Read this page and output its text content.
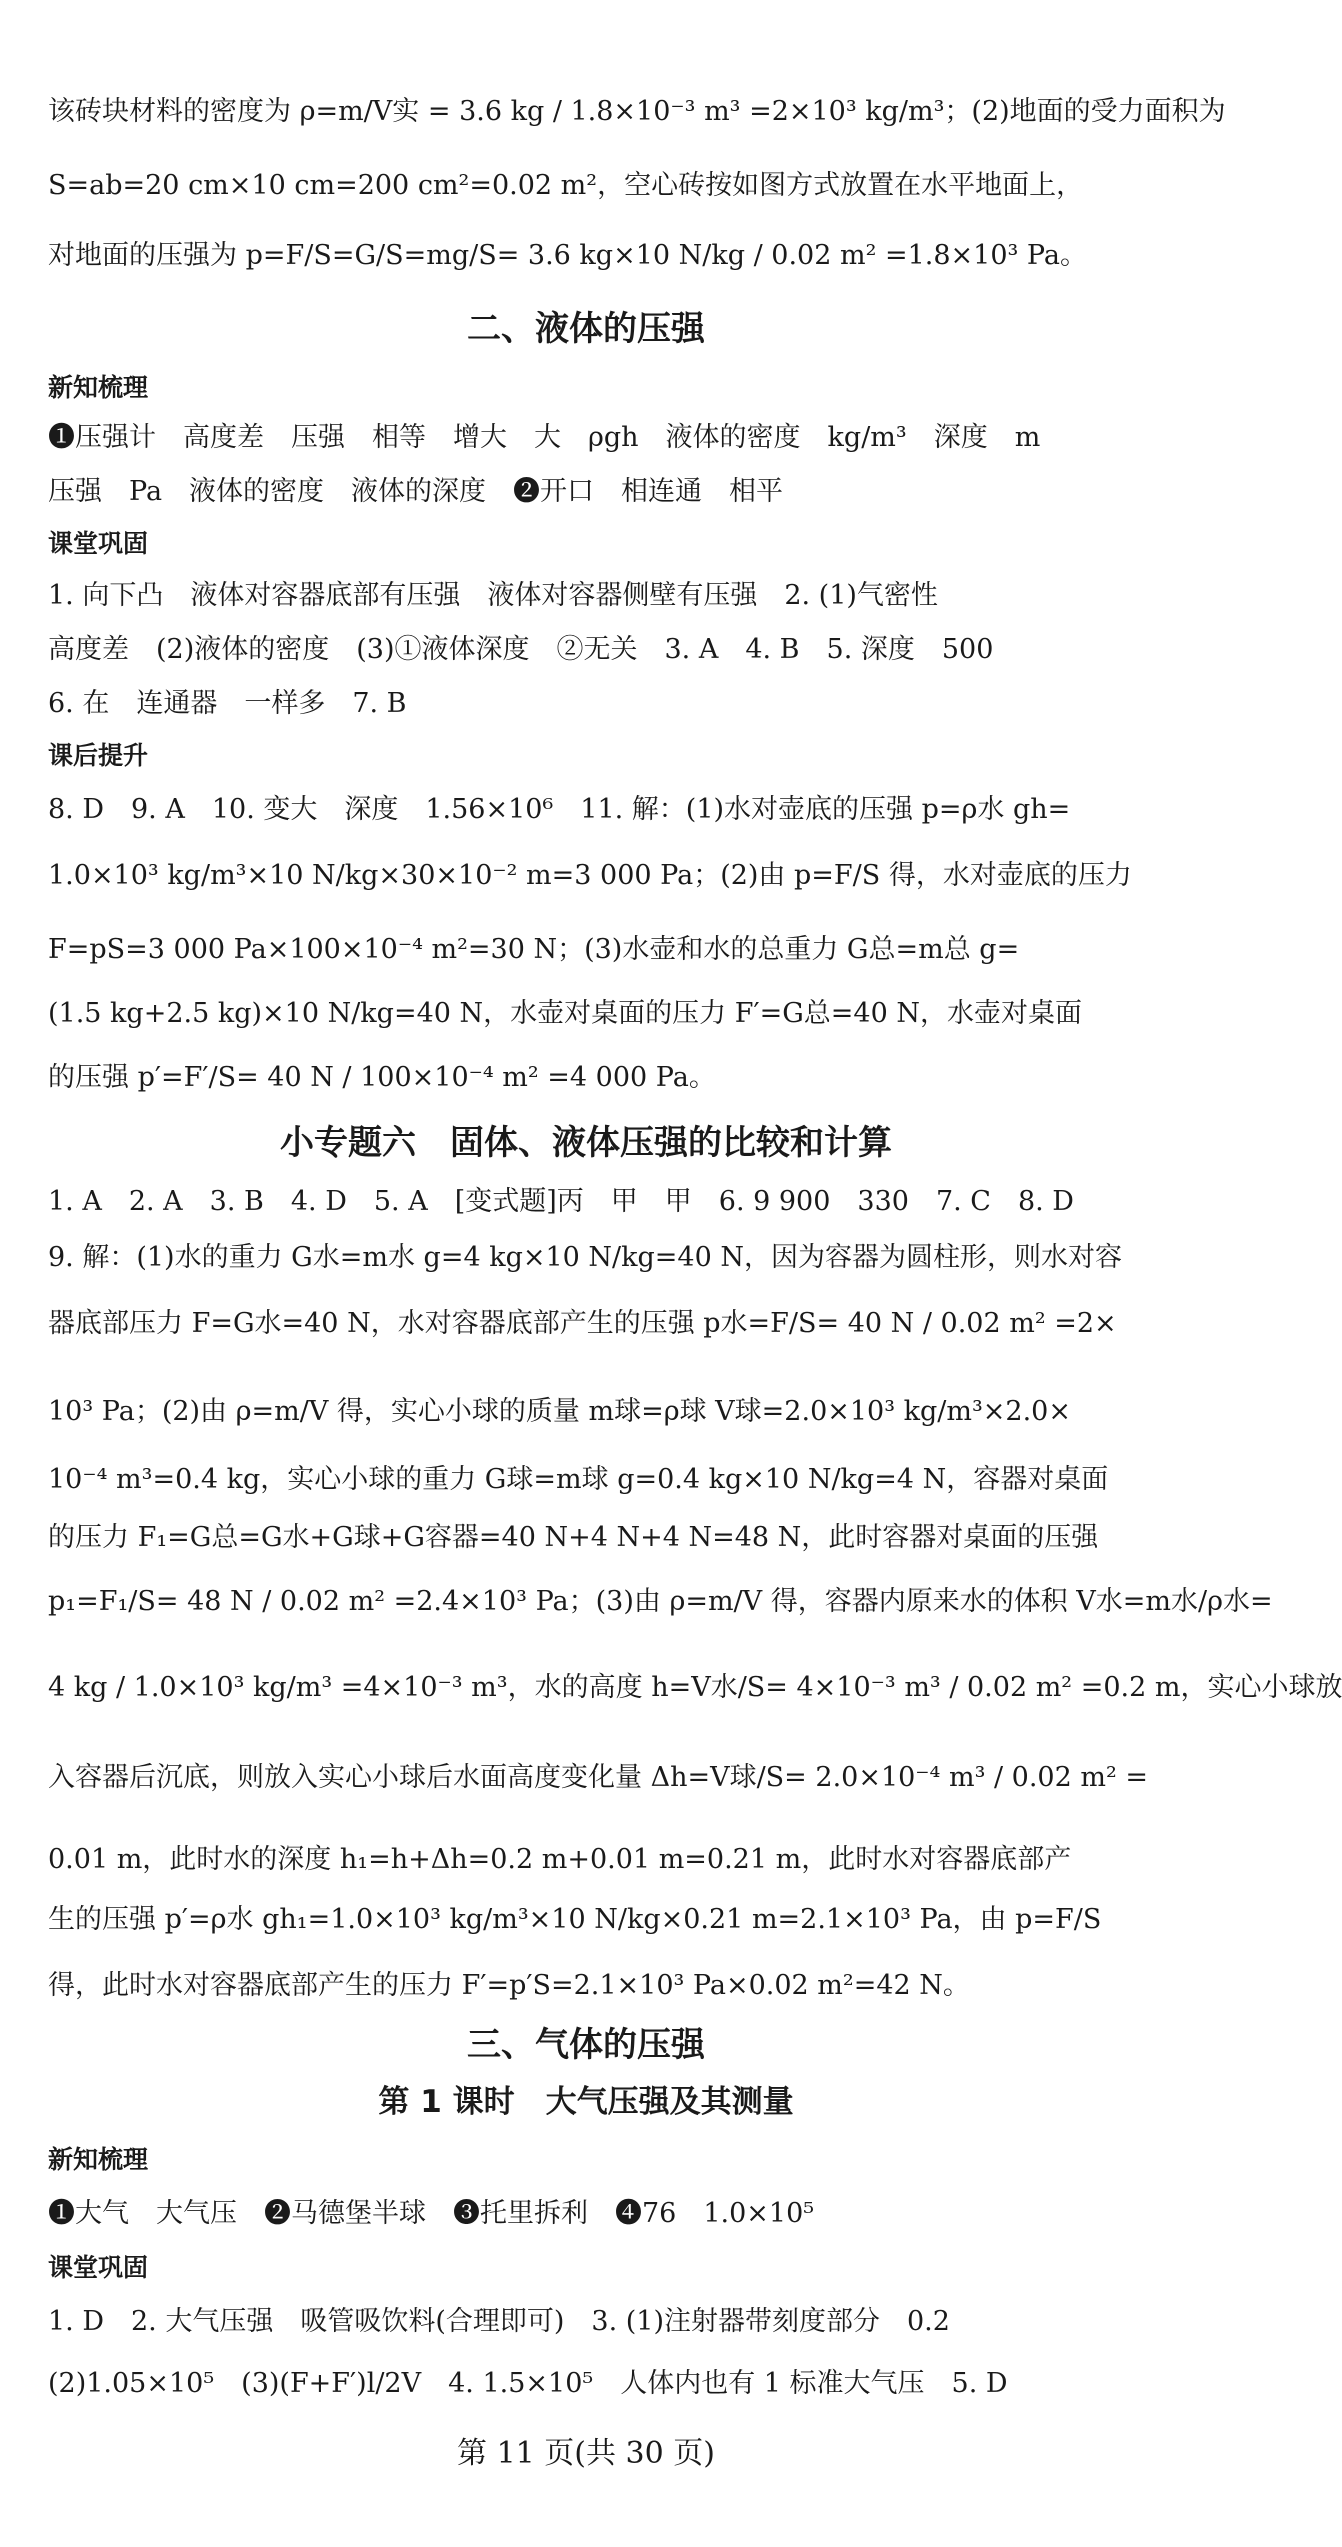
该砖块材料的密度为 ρ=m/V实 = 3.6 kg / 1.8×10⁻³ m³ =2×10³ kg/m³；(2)地面的受力面积为
S=ab=20 cm×10 cm=200 cm²=0.02 m²，空心砖按如图方式放置在水平地面上，
对地面的压强为 p=F/S=G/S=mg/S= 3.6 kg×10 N/kg / 0.02 m² =1.8×10³ Pa。
二、液体的压强
新知梳理
❶压强计　高度差　压强　相等　增大　大　ρgh　液体的密度　kg/m³　深度　m
压强　Pa　液体的密度　液体的深度　❷开口　相连通　相平
课堂巩固
1. 向下凸　液体对容器底部有压强　液体对容器侧壁有压强　2. (1)气密性
高度差　(2)液体的密度　(3)①液体深度　②无关　3. A　4. B　5. 深度　500
6. 在　连通器　一样多　7. B
课后提升
8. D　9. A　10. 变大　深度　1.56×10⁶　11. 解：(1)水对壶底的压强 p=ρ水 gh=
1.0×10³ kg/m³×10 N/kg×30×10⁻² m=3 000 Pa；(2)由 p=F/S 得，水对壶底的压力
F=pS=3 000 Pa×100×10⁻⁴ m²=30 N；(3)水壶和水的总重力 G总=m总 g=
(1.5 kg+2.5 kg)×10 N/kg=40 N，水壶对桌面的压力 F′=G总=40 N，水壶对桌面
的压强 p′=F′/S= 40 N / 100×10⁻⁴ m² =4 000 Pa。
小专题六　固体、液体压强的比较和计算
1. A　2. A　3. B　4. D　5. A　[变式题]丙　甲　甲　6. 9 900　330　7. C　8. D
9. 解：(1)水的重力 G水=m水 g=4 kg×10 N/kg=40 N，因为容器为圆柱形，则水对容
器底部压力 F=G水=40 N，水对容器底部产生的压强 p水=F/S= 40 N / 0.02 m² =2×
10³ Pa；(2)由 ρ=m/V 得，实心小球的质量 m球=ρ球 V球=2.0×10³ kg/m³×2.0×
10⁻⁴ m³=0.4 kg，实心小球的重力 G球=m球 g=0.4 kg×10 N/kg=4 N，容器对桌面
的压力 F₁=G总=G水+G球+G容器=40 N+4 N+4 N=48 N，此时容器对桌面的压强
p₁=F₁/S= 48 N / 0.02 m² =2.4×10³ Pa；(3)由 ρ=m/V 得，容器内原来水的体积 V水=m水/ρ水=
4 kg / 1.0×10³ kg/m³ =4×10⁻³ m³，水的高度 h=V水/S= 4×10⁻³ m³ / 0.02 m² =0.2 m，实心小球放
入容器后沉底，则放入实心小球后水面高度变化量 Δh=V球/S= 2.0×10⁻⁴ m³ / 0.02 m² =
0.01 m，此时水的深度 h₁=h+Δh=0.2 m+0.01 m=0.21 m，此时水对容器底部产
生的压强 p′=ρ水 gh₁=1.0×10³ kg/m³×10 N/kg×0.21 m=2.1×10³ Pa，由 p=F/S
得，此时水对容器底部产生的压力 F′=p′S=2.1×10³ Pa×0.02 m²=42 N。
三、气体的压强
第 1 课时　大气压强及其测量
新知梳理
❶大气　大气压　❷马德堡半球　❸托里拆利　❹76　1.0×10⁵
课堂巩固
1. D　2. 大气压强　吸管吸饮料(合理即可)　3. (1)注射器带刻度部分　0.2
(2)1.05×10⁵　(3)(F+F′)l/2V　4. 1.5×10⁵　人体内也有 1 标准大气压　5. D
第 11 页(共 30 页)
